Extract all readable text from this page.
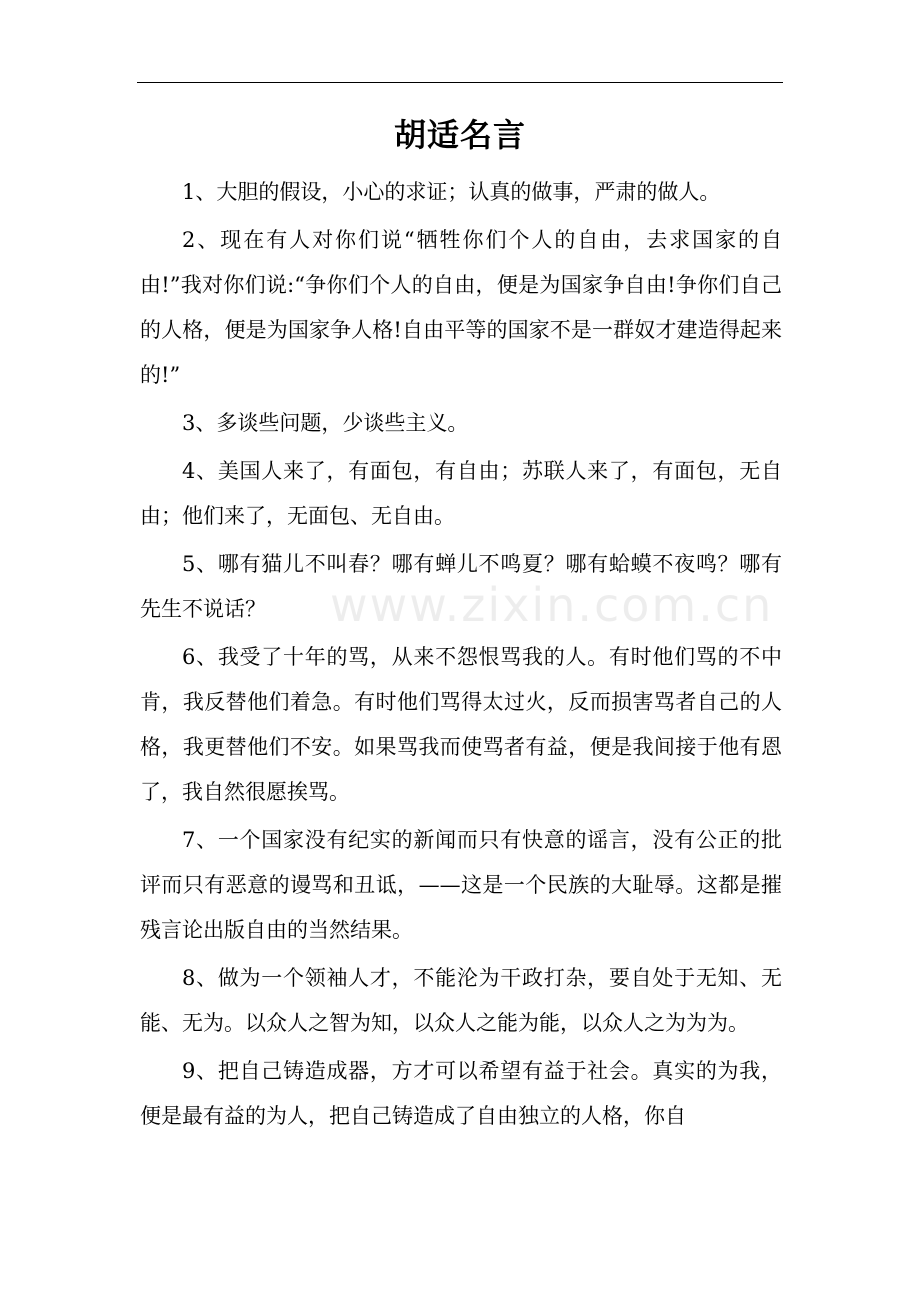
www.zixin.com.cn
胡适名言

1、大胆的假设，小心的求证；认真的做事，严肃的做人。

2、现在有人对你们说“牺牲你们个人的自由，去求国家的自由!”我对你们说:“争你们个人的自由，便是为国家争自由!争你们自己的人格，便是为国家争人格!自由平等的国家不是一群奴才建造得起来的!”

3、多谈些问题，少谈些主义。

4、美国人来了，有面包，有自由；苏联人来了，有面包，无自由；他们来了，无面包、无自由。

5、哪有猫儿不叫春？哪有蝉儿不鸣夏？哪有蛤蟆不夜鸣？哪有先生不说话？

6、我受了十年的骂，从来不怨恨骂我的人。有时他们骂的不中肯，我反替他们着急。有时他们骂得太过火，反而损害骂者自己的人格，我更替他们不安。如果骂我而使骂者有益，便是我间接于他有恩了，我自然很愿挨骂。

7、一个国家没有纪实的新闻而只有快意的谣言，没有公正的批评而只有恶意的谩骂和丑诋，——这是一个民族的大耻辱。这都是摧残言论出版自由的当然结果。

8、做为一个领袖人才，不能沦为干政打杂，要自处于无知、无能、无为。以众人之智为知，以众人之能为能，以众人之为为为。

9、把自己铸造成器，方才可以希望有益于社会。真实的为我，便是最有益的为人，把自己铸造成了自由独立的人格，你自
